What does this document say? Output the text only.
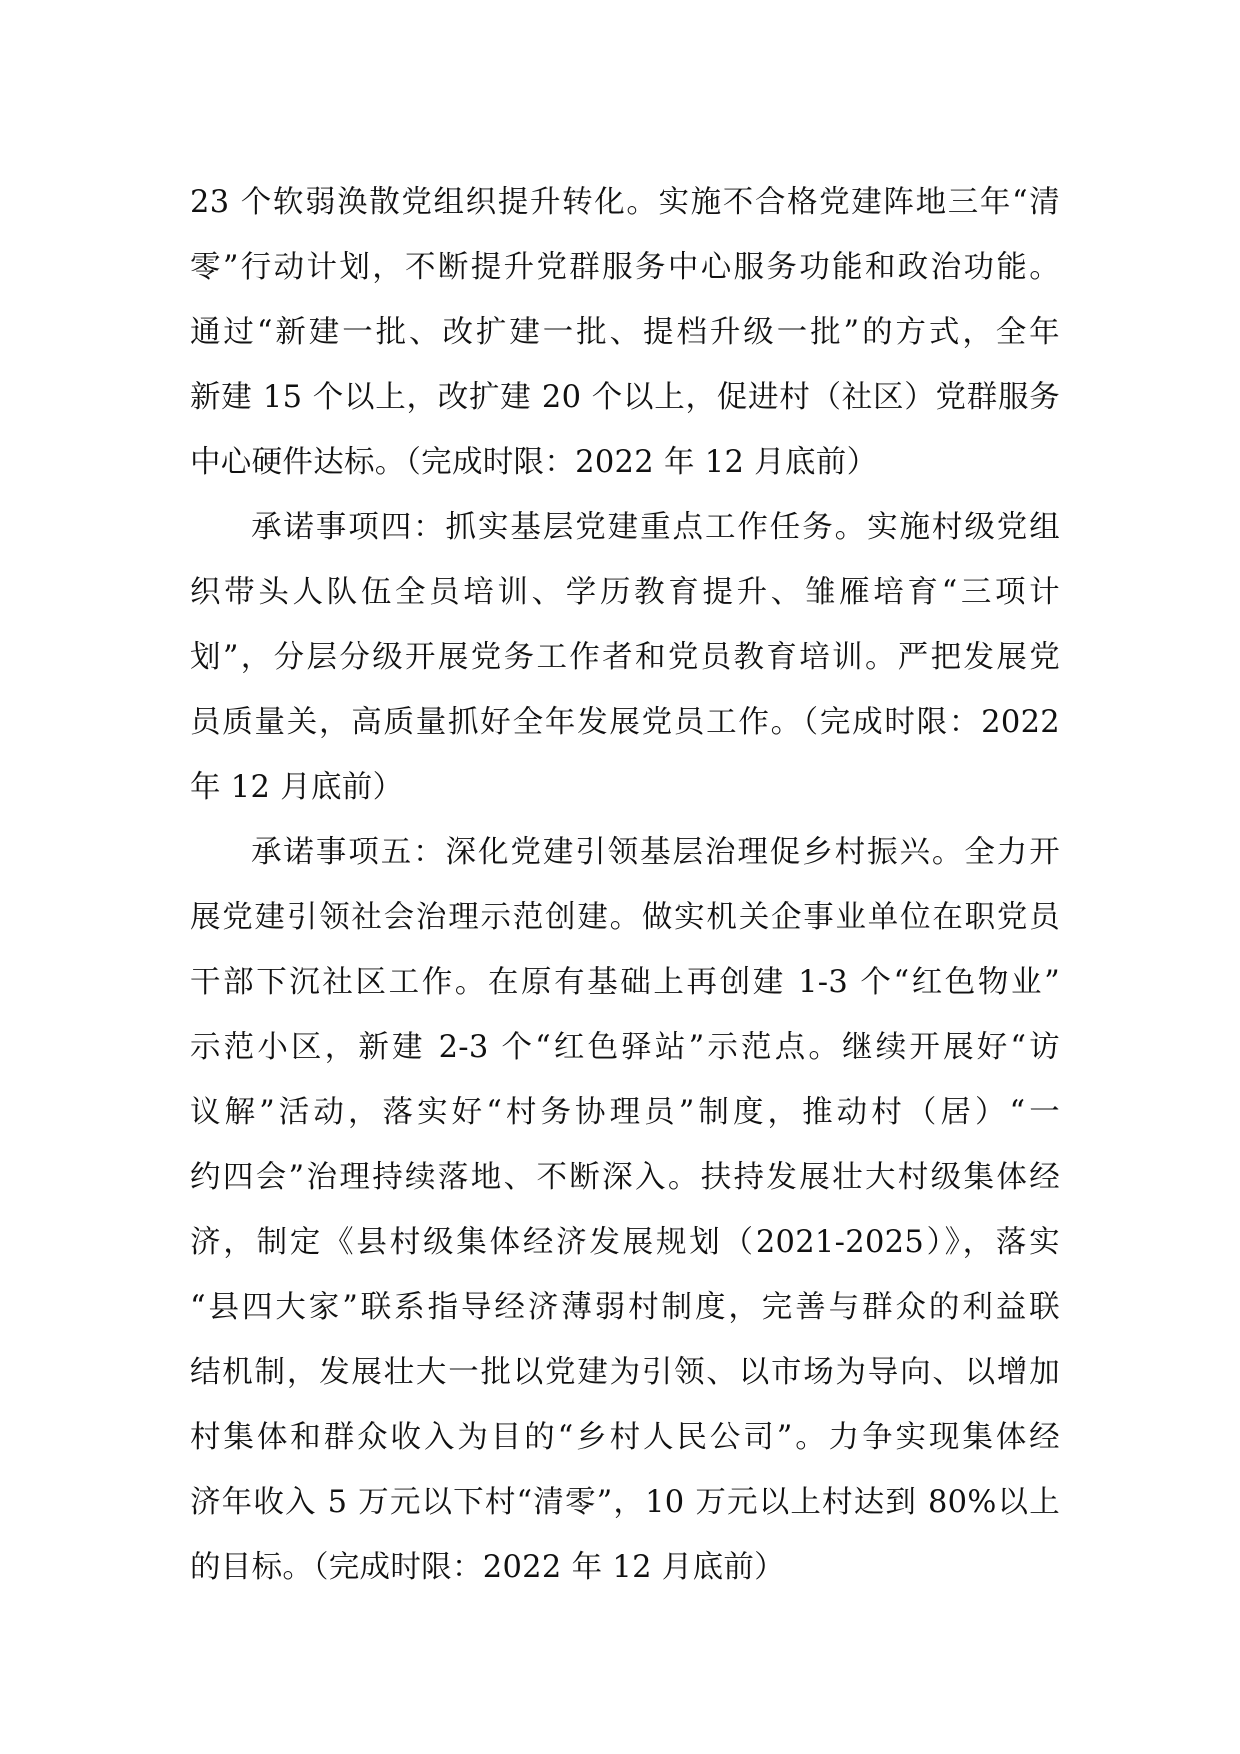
23 个软弱涣散党组织提升转化。实施不合格党建阵地三年“清
零”行动计划，不断提升党群服务中心服务功能和政治功能。
通过“新建一批、改扩建一批、提档升级一批”的方式，全年
新建 15 个以上，改扩建 20 个以上，促进村（社区）党群服务
中心硬件达标。（完成时限：2022 年 12 月底前）
承诺事项四：抓实基层党建重点工作任务。实施村级党组
织带头人队伍全员培训、学历教育提升、雏雁培育“三项计
划”，分层分级开展党务工作者和党员教育培训。严把发展党
员质量关，高质量抓好全年发展党员工作。（完成时限：2022
年 12 月底前）
承诺事项五：深化党建引领基层治理促乡村振兴。全力开
展党建引领社会治理示范创建。做实机关企事业单位在职党员
干部下沉社区工作。在原有基础上再创建 1-3 个“红色物业”
示范小区，新建 2-3 个“红色驿站”示范点。继续开展好“访
议解”活动，落实好“村务协理员”制度，推动村（居）“一
约四会”治理持续落地、不断深入。扶持发展壮大村级集体经
济，制定《县村级集体经济发展规划（2021-2025）》，落实
“县四大家”联系指导经济薄弱村制度，完善与群众的利益联
结机制，发展壮大一批以党建为引领、以市场为导向、以增加
村集体和群众收入为目的“乡村人民公司”。力争实现集体经
济年收入 5 万元以下村“清零”，10 万元以上村达到 80%以上
的目标。（完成时限：2022 年 12 月底前）
